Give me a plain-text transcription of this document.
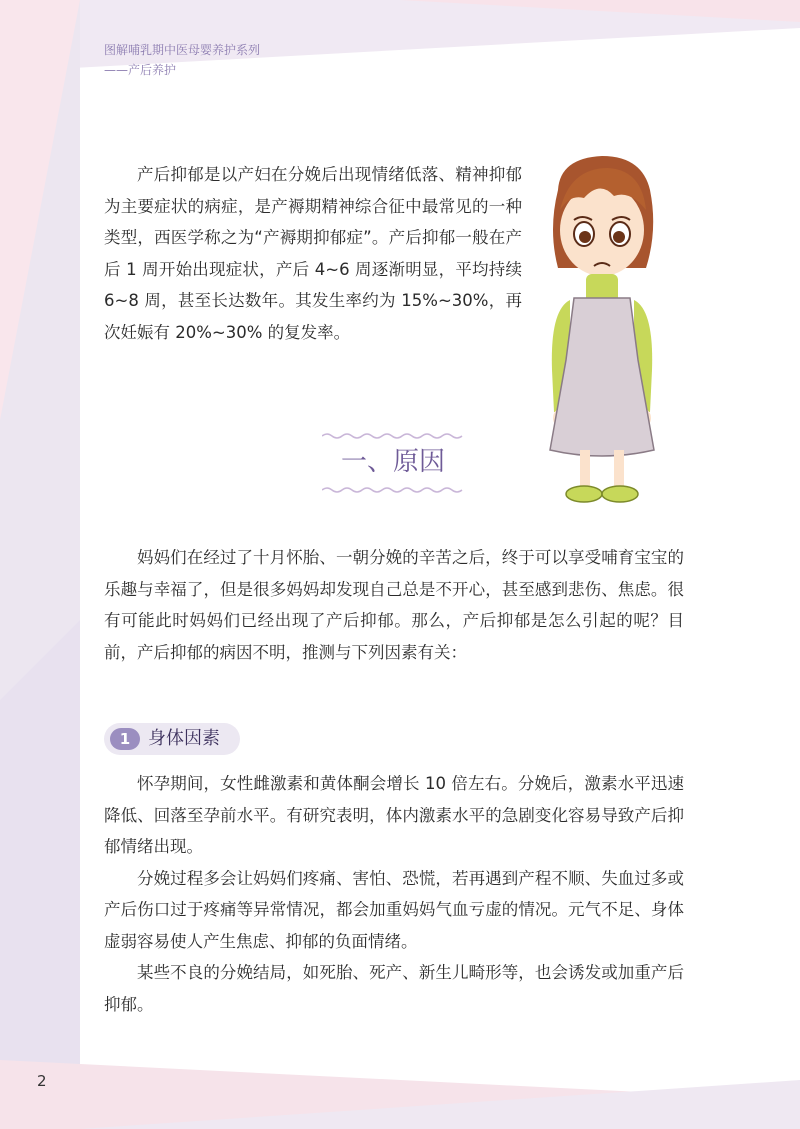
图解哺乳期中医母婴养护系列
——产后养护

产后抑郁是以产妇在分娩后出现情绪低落、精神抑郁为主要症状的病症，是产褥期精神综合征中最常见的一种类型，西医学称之为“产褥期抑郁症”。产后抑郁一般在产后 1 周开始出现症状，产后 4~6 周逐渐明显，平均持续 6~8 周，甚至长达数年。其发生率约为 15%~30%，再次妊娠有 20%~30% 的复发率。

一、原因

妈妈们在经过了十月怀胎、一朝分娩的辛苦之后，终于可以享受哺育宝宝的乐趣与幸福了，但是很多妈妈却发现自己总是不开心，甚至感到悲伤、焦虑。很有可能此时妈妈们已经出现了产后抑郁。那么，产后抑郁是怎么引起的呢？目前，产后抑郁的病因不明，推测与下列因素有关：

1 身体因素

怀孕期间，女性雌激素和黄体酮会增长 10 倍左右。分娩后，激素水平迅速降低、回落至孕前水平。有研究表明，体内激素水平的急剧变化容易导致产后抑郁情绪出现。

分娩过程多会让妈妈们疼痛、害怕、恐慌，若再遇到产程不顺、失血过多或产后伤口过于疼痛等异常情况，都会加重妈妈气血亏虚的情况。元气不足、身体虚弱容易使人产生焦虑、抑郁的负面情绪。

某些不良的分娩结局，如死胎、死产、新生儿畸形等，也会诱发或加重产后抑郁。

2
